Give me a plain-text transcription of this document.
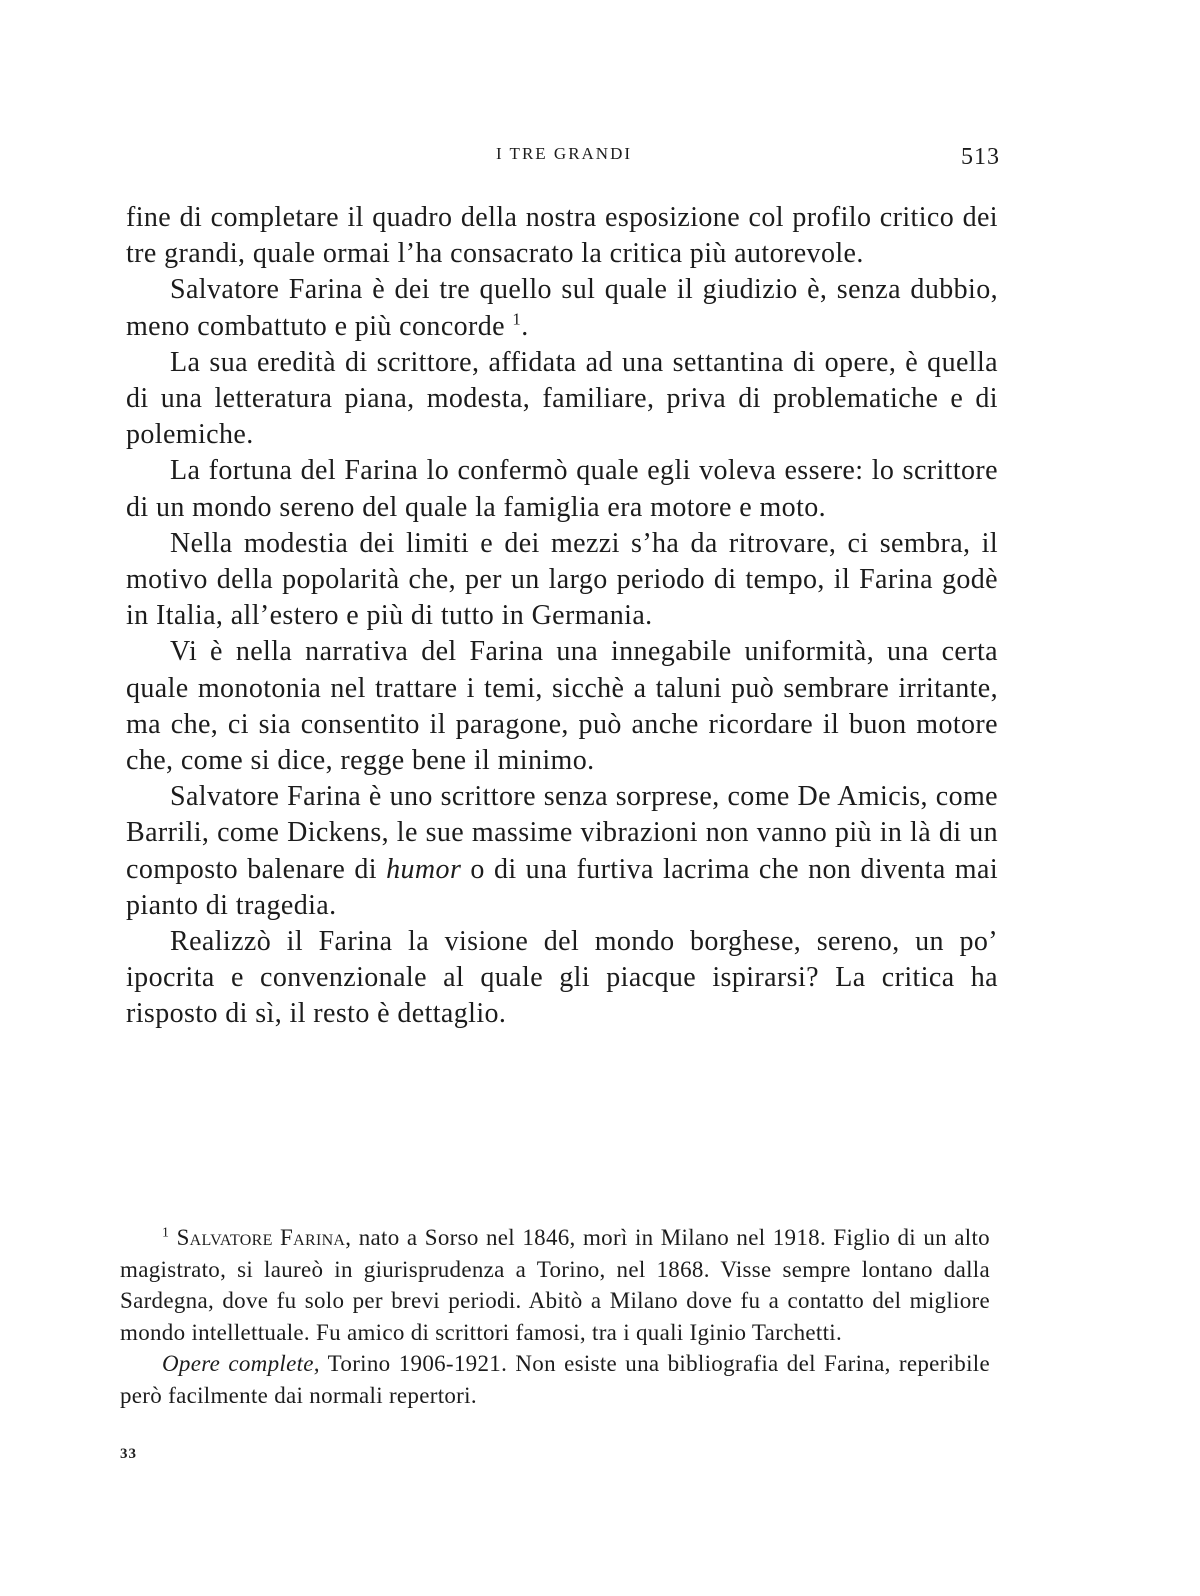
I TRE GRANDI	513

fine di completare il quadro della nostra esposizione col profilo critico dei tre grandi, quale ormai l’ha consacrato la critica più autorevole.

Salvatore Farina è dei tre quello sul quale il giudizio è, senza dubbio, meno combattuto e più concorde $^1$.

La sua eredità di scrittore, affidata ad una settantina di opere, è quella di una letteratura piana, modesta, familiare, priva di problematiche e di polemiche.

La fortuna del Farina lo confermò quale egli voleva essere: lo scrittore di un mondo sereno del quale la famiglia era motore e moto.

Nella modestia dei limiti e dei mezzi s’ha da ritrovare, ci sembra, il motivo della popolarità che, per un largo periodo di tempo, il Farina godè in Italia, all’estero e più di tutto in Germania.

Vi è nella narrativa del Farina una innegabile uniformità, una certa quale monotonia nel trattare i temi, sicchè a taluni può sembrare irritante, ma che, ci sia consentito il paragone, può anche ricordare il buon motore che, come si dice, regge bene il minimo.

Salvatore Farina è uno scrittore senza sorprese, come De Amicis, come Barrili, come Dickens, le sue massime vibrazioni non vanno più in là di un composto balenare di humor o di una furtiva lacrima che non diventa mai pianto di tragedia.

Realizzò il Farina la visione del mondo borghese, sereno, un po’ ipocrita e convenzionale al quale gli piacque ispirarsi? La critica ha risposto di sì, il resto è dettaglio.

$^1$ Salvatore Farina, nato a Sorso nel 1846, morì in Milano nel 1918. Figlio di un alto magistrato, si laureò in giurisprudenza a Torino, nel 1868. Visse sempre lontano dalla Sardegna, dove fu solo per brevi periodi. Abitò a Milano dove fu a contatto del migliore mondo intellettuale. Fu amico di scrittori famosi, tra i quali Iginio Tarchetti.

Opere complete, Torino 1906-1921. Non esiste una bibliografia del Farina, reperibile però facilmente dai normali repertori.

33
